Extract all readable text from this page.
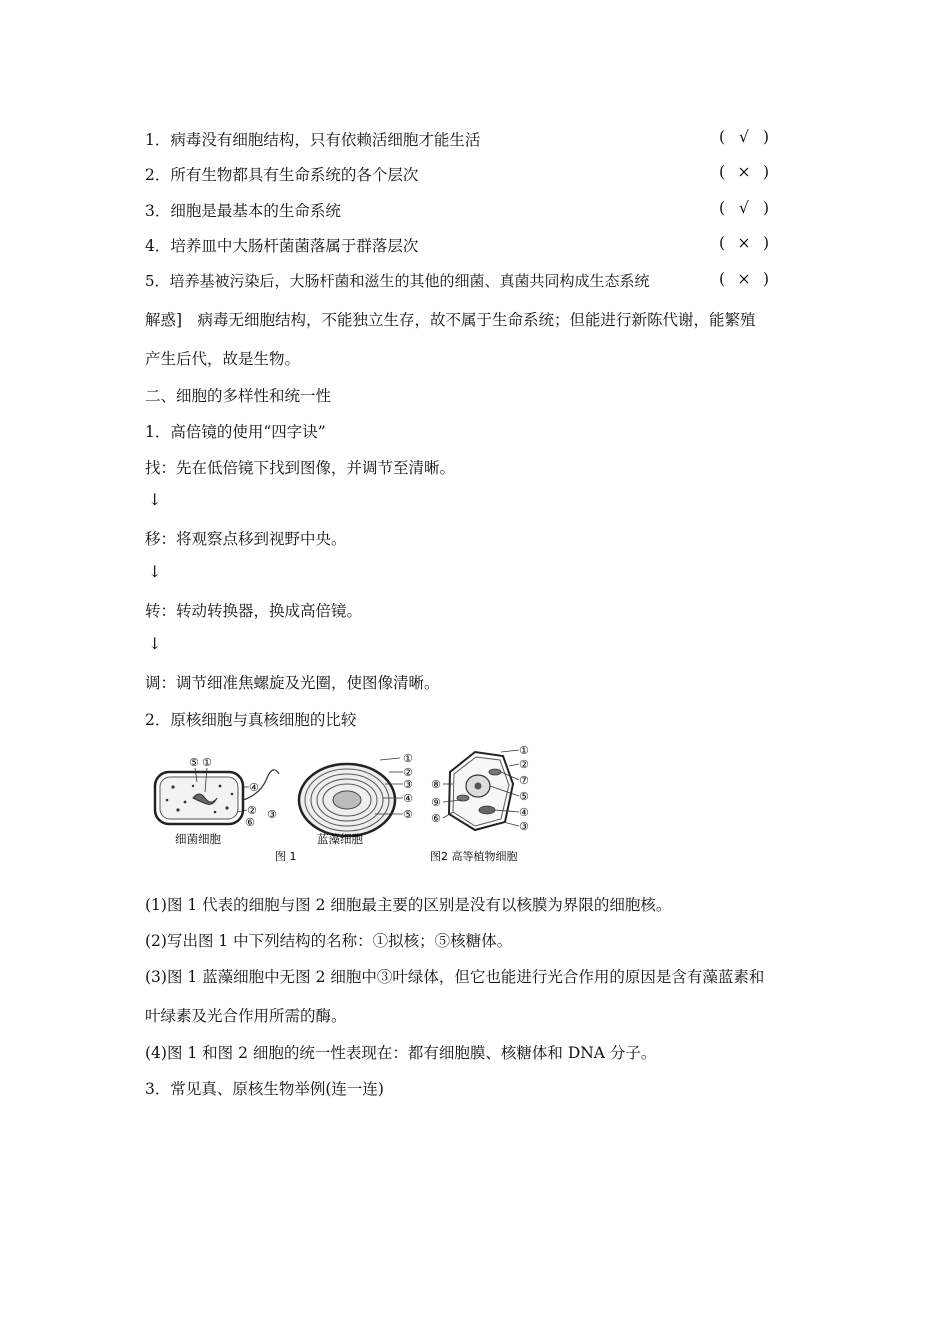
1．病毒没有细胞结构，只有依赖活细胞才能生活	( √ )
2．所有生物都具有生命系统的各个层次	( × )
3．细胞是最基本的生命系统	( √ )
4．培养皿中大肠杆菌菌落属于群落层次	( × )
5．培养基被污染后，大肠杆菌和滋生的其他的细菌、真菌共同构成生态系统	( × )
解惑]　病毒无细胞结构，不能独立生存，故不属于生命系统；但能进行新陈代谢，能繁殖
产生后代，故是生物。
二、细胞的多样性和统一性
1．高倍镜的使用“四字诀”
找：先在低倍镜下找到图像，并调节至清晰。
↓
移：将观察点移到视野中央。
↓
转：转动转换器，换成高倍镜。
↓
调：调节细准焦螺旋及光圈，使图像清晰。
2．原核细胞与真核细胞的比较
⑤ ①
④
② ③
⑥
细菌细胞
①
②
③
④
⑤
蓝藻细胞
图 1
⑧
⑨
⑥
①
②
⑦
⑤
④
③
图2 高等植物细胞
(1)图 1 代表的细胞与图 2 细胞最主要的区别是没有以核膜为界限的细胞核。
(2)写出图 1 中下列结构的名称：①拟核；⑤核糖体。
(3)图 1 蓝藻细胞中无图 2 细胞中③叶绿体，但它也能进行光合作用的原因是含有藻蓝素和
叶绿素及光合作用所需的酶。
(4)图 1 和图 2 细胞的统一性表现在：都有细胞膜、核糖体和 DNA 分子。
3．常见真、原核生物举例(连一连)
